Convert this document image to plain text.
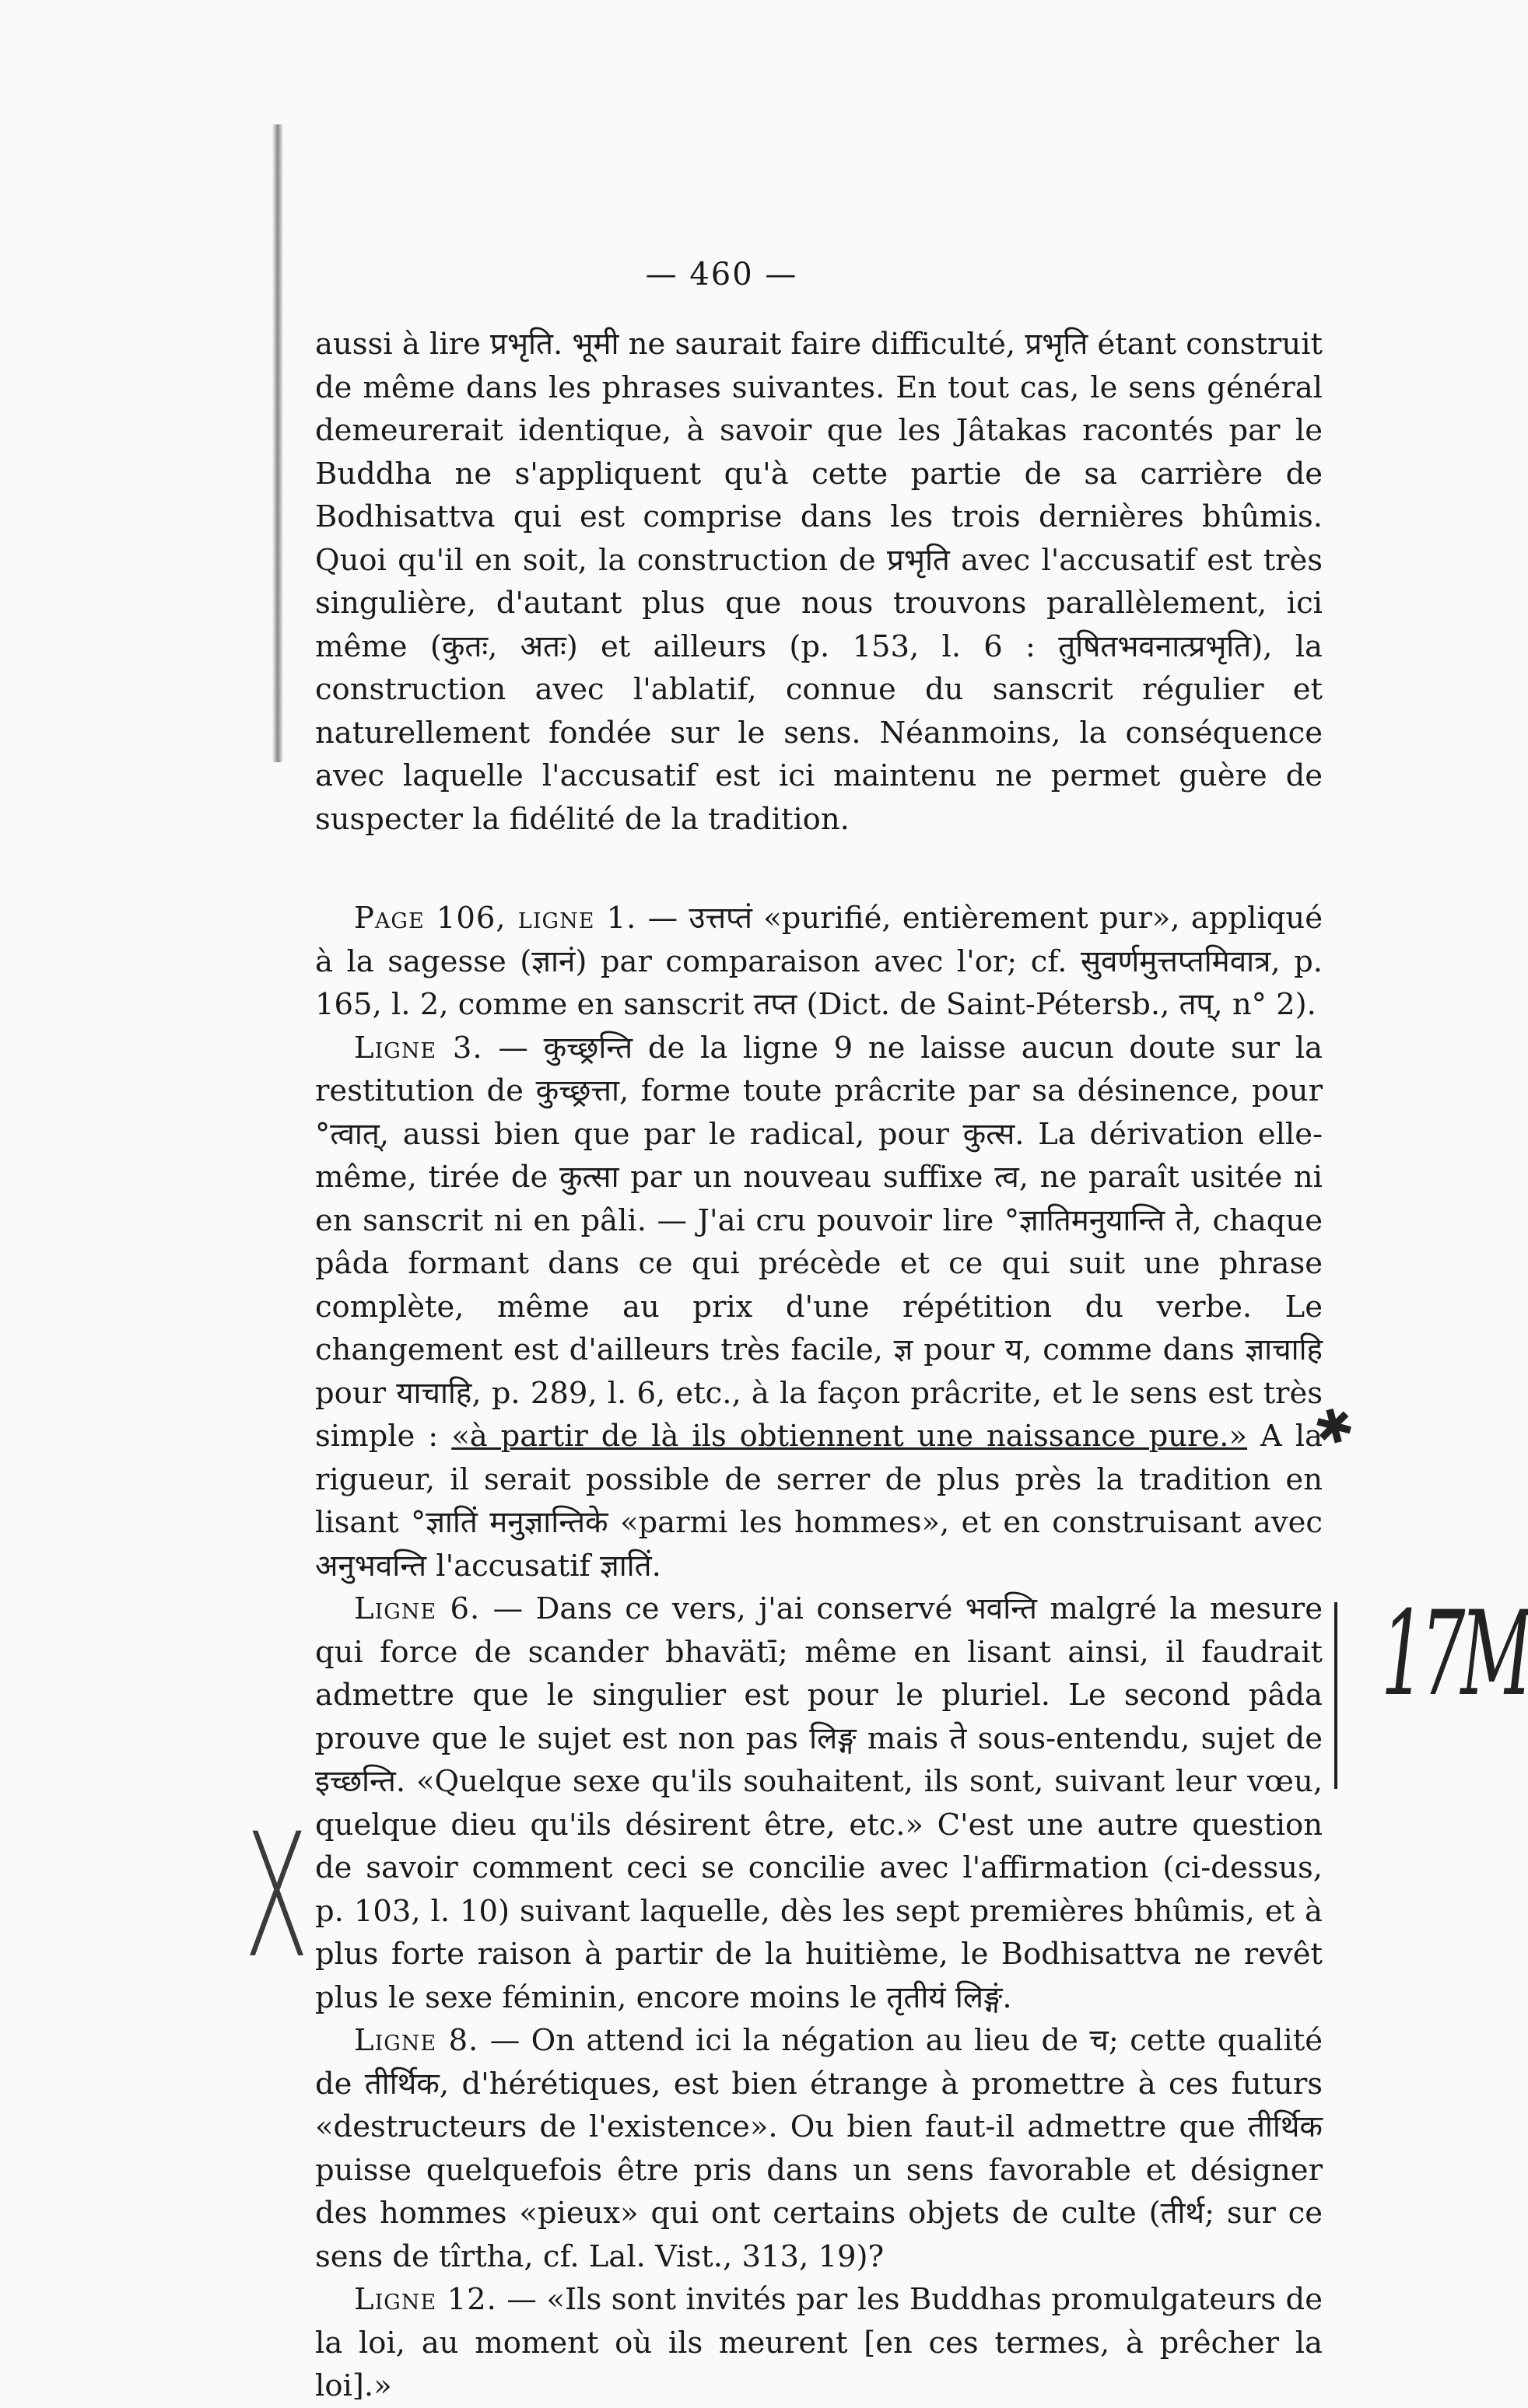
— 460 —

aussi à lire प्रभृति. भूमी ne saurait faire difficulté, प्रभृति étant construit de même dans les phrases suivantes. En tout cas, le sens général demeurerait identique, à savoir que les Jâtakas racontés par le Buddha ne s'appliquent qu'à cette partie de sa carrière de Bodhisattva qui est comprise dans les trois dernières bhûmis. Quoi qu'il en soit, la construction de प्रभृति avec l'accusatif est très singulière, d'autant plus que nous trouvons parallèlement, ici même (कुतः, अतः) et ailleurs (p. 153, l. 6 : तुषितभवनात्प्रभृति), la construction avec l'ablatif, connue du sanscrit régulier et naturellement fondée sur le sens. Néanmoins, la conséquence avec laquelle l'accusatif est ici maintenu ne permet guère de suspecter la fidélité de la tradition.

Page 106, ligne 1. — उत्तप्तं «purifié, entièrement pur», appliqué à la sagesse (ज्ञानं) par comparaison avec l'or; cf. सुवर्णमुत्तप्तमिवात्र, p. 165, l. 2, comme en sanscrit तप्त (Dict. de Saint-Pétersb., तप्, n° 2).

Ligne 3. — कुच्छ्रन्ति de la ligne 9 ne laisse aucun doute sur la restitution de कुच्छ्रत्ता, forme toute prâcrite par sa désinence, pour °त्वात्, aussi bien que par le radical, pour कुत्स. La dérivation elle-même, tirée de कुत्सा par un nouveau suffixe त्व, ne paraît usitée ni en sanscrit ni en pâli. — J'ai cru pouvoir lire °ज्ञातिमनुयान्ति ते, chaque pâda formant dans ce qui précède et ce qui suit une phrase complète, même au prix d'une répétition du verbe. Le changement est d'ailleurs très facile, ज्ञ pour य, comme dans ज्ञाचाहि pour याचाहि, p. 289, l. 6, etc., à la façon prâcrite, et le sens est très simple : «à partir de là ils obtiennent une naissance pure.» A la rigueur, il serait possible de serrer de plus près la tradition en lisant °ज्ञातिं मनुज्ञान्तिके «parmi les hommes», et en construisant avec अनुभवन्ति l'accusatif ज्ञातिं.

Ligne 6. — Dans ce vers, j'ai conservé भवन्ति malgré la mesure qui force de scander bhavätī; même en lisant ainsi, il faudrait admettre que le singulier est pour le pluriel. Le second pâda prouve que le sujet est non pas लिङ्ग mais ते sous-entendu, sujet de इच्छन्ति. «Quelque sexe qu'ils souhaitent, ils sont, suivant leur vœu, quelque dieu qu'ils désirent être, etc.» C'est une autre question de savoir comment ceci se concilie avec l'affirmation (ci-dessus, p. 103, l. 10) suivant laquelle, dès les sept premières bhûmis, et à plus forte raison à partir de la huitième, le Bodhisattva ne revêt plus le sexe féminin, encore moins le तृतीयं लिङ्गं.

Ligne 8. — On attend ici la négation au lieu de च; cette qualité de तीर्थिक, d'hérétiques, est bien étrange à promettre à ces futurs «destructeurs de l'existence». Ou bien faut-il admettre que तीर्थिक puisse quelquefois être pris dans un sens favorable et désigner des hommes «pieux» qui ont certains objets de culte (तीर्थ; sur ce sens de tîrtha, cf. Lal. Vist., 313, 19)?

Ligne 12. — «Ils sont invités par les Buddhas promulgateurs de la loi, au moment où ils meurent [en ces termes, à prêcher la loi].»

✱
17M
X
